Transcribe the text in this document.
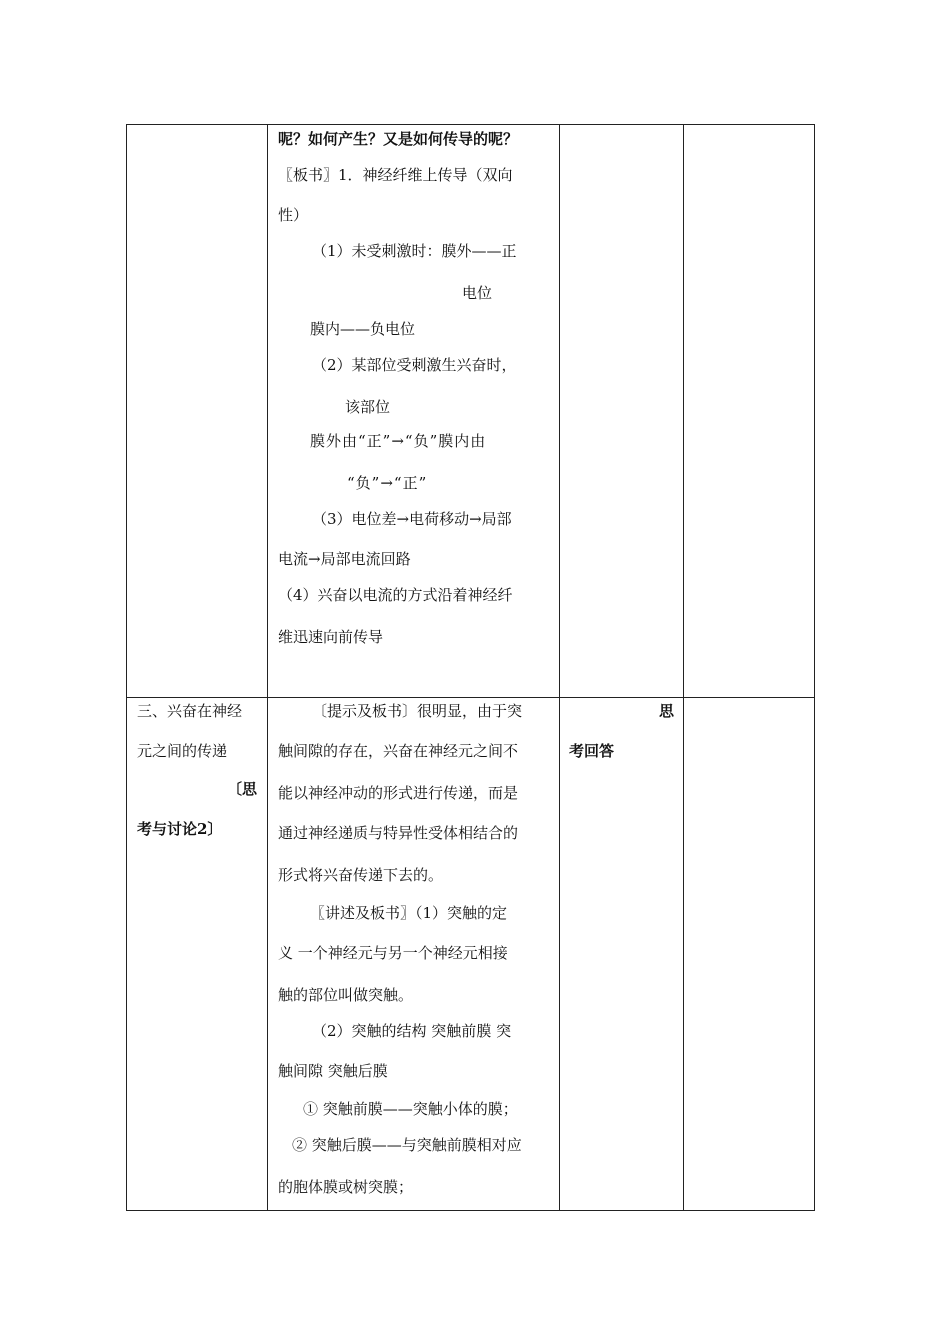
呢？如何产生？又是如何传导的呢？
〖板书〗1．神经纤维上传导（双向
性）
（1）未受刺激时：膜外——正
电位
膜内——负电位
（2）某部位受刺激生兴奋时，
该部位
膜外由“正”→“负”膜内由
“负”→“正”
（3）电位差→电荷移动→局部
电流→局部电流回路
（4）兴奋以电流的方式沿着神经纤
维迅速向前传导
三、兴奋在神经
元之间的传递
〔思
考与讨论2〕
〔提示及板书〕很明显，由于突
触间隙的存在，兴奋在神经元之间不
能以神经冲动的形式进行传递，而是
通过神经递质与特异性受体相结合的
形式将兴奋传递下去的。
〖讲述及板书〗（1）突触的定
义 一个神经元与另一个神经元相接
触的部位叫做突触。
（2）突触的结构 突触前膜 突
触间隙 突触后膜
① 突触前膜——突触小体的膜；
② 突触后膜——与突触前膜相对应
的胞体膜或树突膜；
思
考回答
